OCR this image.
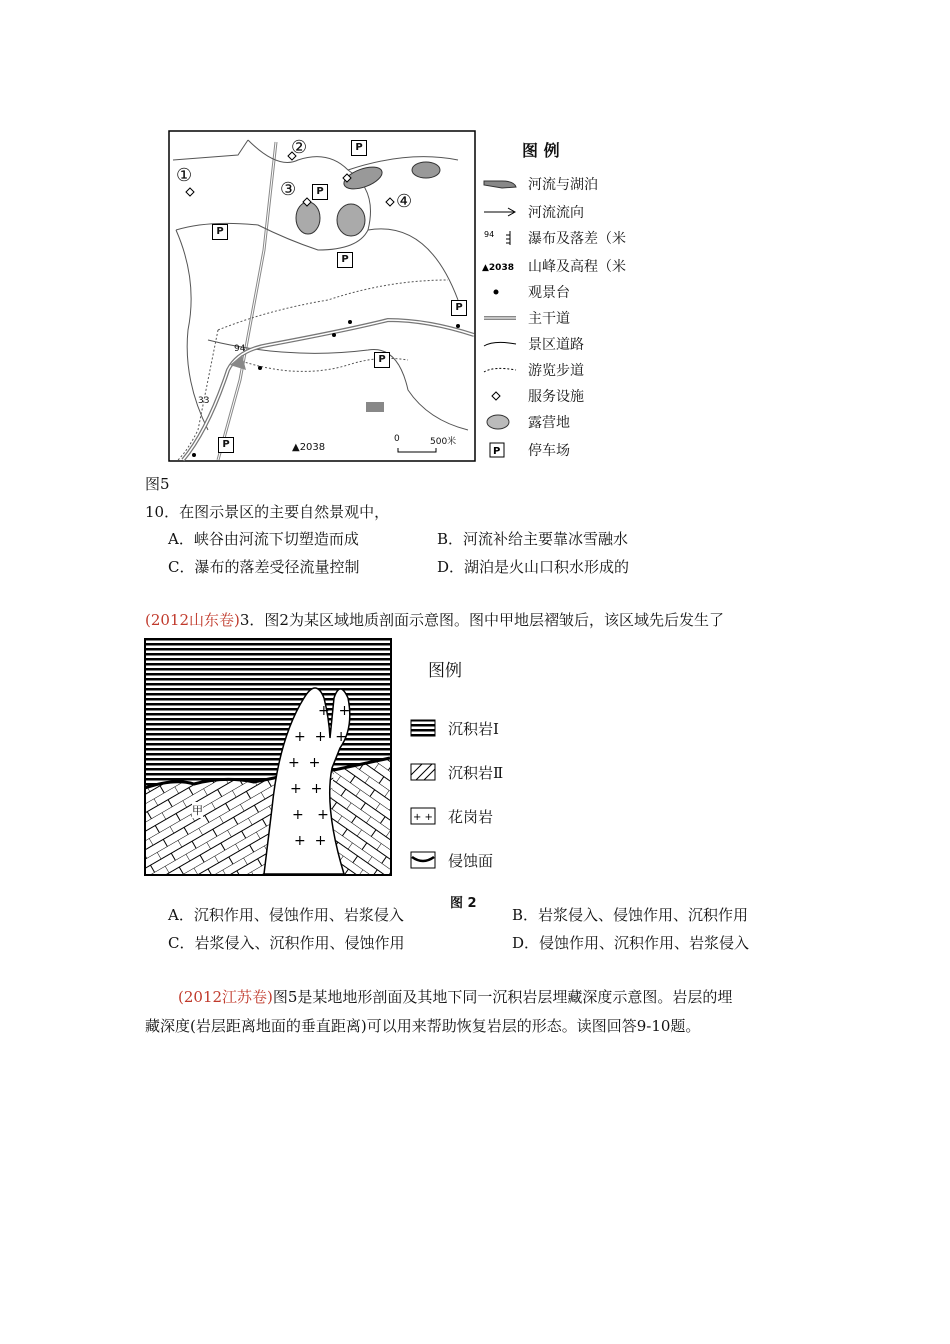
①
②
③
④
P
P
P
P
P
P
P
94
33
▲2038
0	500米
图 例
河流与湖泊
河流流向
94 瀑布及落差（米
▲2038 山峰及高程（米
观景台
主干道
景区道路
游览步道
服务设施
露营地
P 停车场
图5
10．在图示景区的主要自然景观中，
A．峡谷由河流下切塑造而成	B．河流补给主要靠冰雪融水
C．瀑布的落差受径流量控制	D．湖泊是火山口积水形成的
(2012山东卷)3．图2为某区域地质剖面示意图。图中甲地层褶皱后，该区域先后发生了
+  +
+  +  +
+  +
+  +
+   +
+  +
甲
图例
沉积岩Ⅰ
沉积岩Ⅱ
+ + 花岗岩
侵蚀面
图 2
A．沉积作用、侵蚀作用、岩浆侵入	B．岩浆侵入、侵蚀作用、沉积作用
C．岩浆侵入、沉积作用、侵蚀作用	D．侵蚀作用、沉积作用、岩浆侵入
(2012江苏卷)图5是某地地形剖面及其地下同一沉积岩层埋藏深度示意图。岩层的埋
藏深度(岩层距离地面的垂直距离)可以用来帮助恢复岩层的形态。读图回答9-10题。
